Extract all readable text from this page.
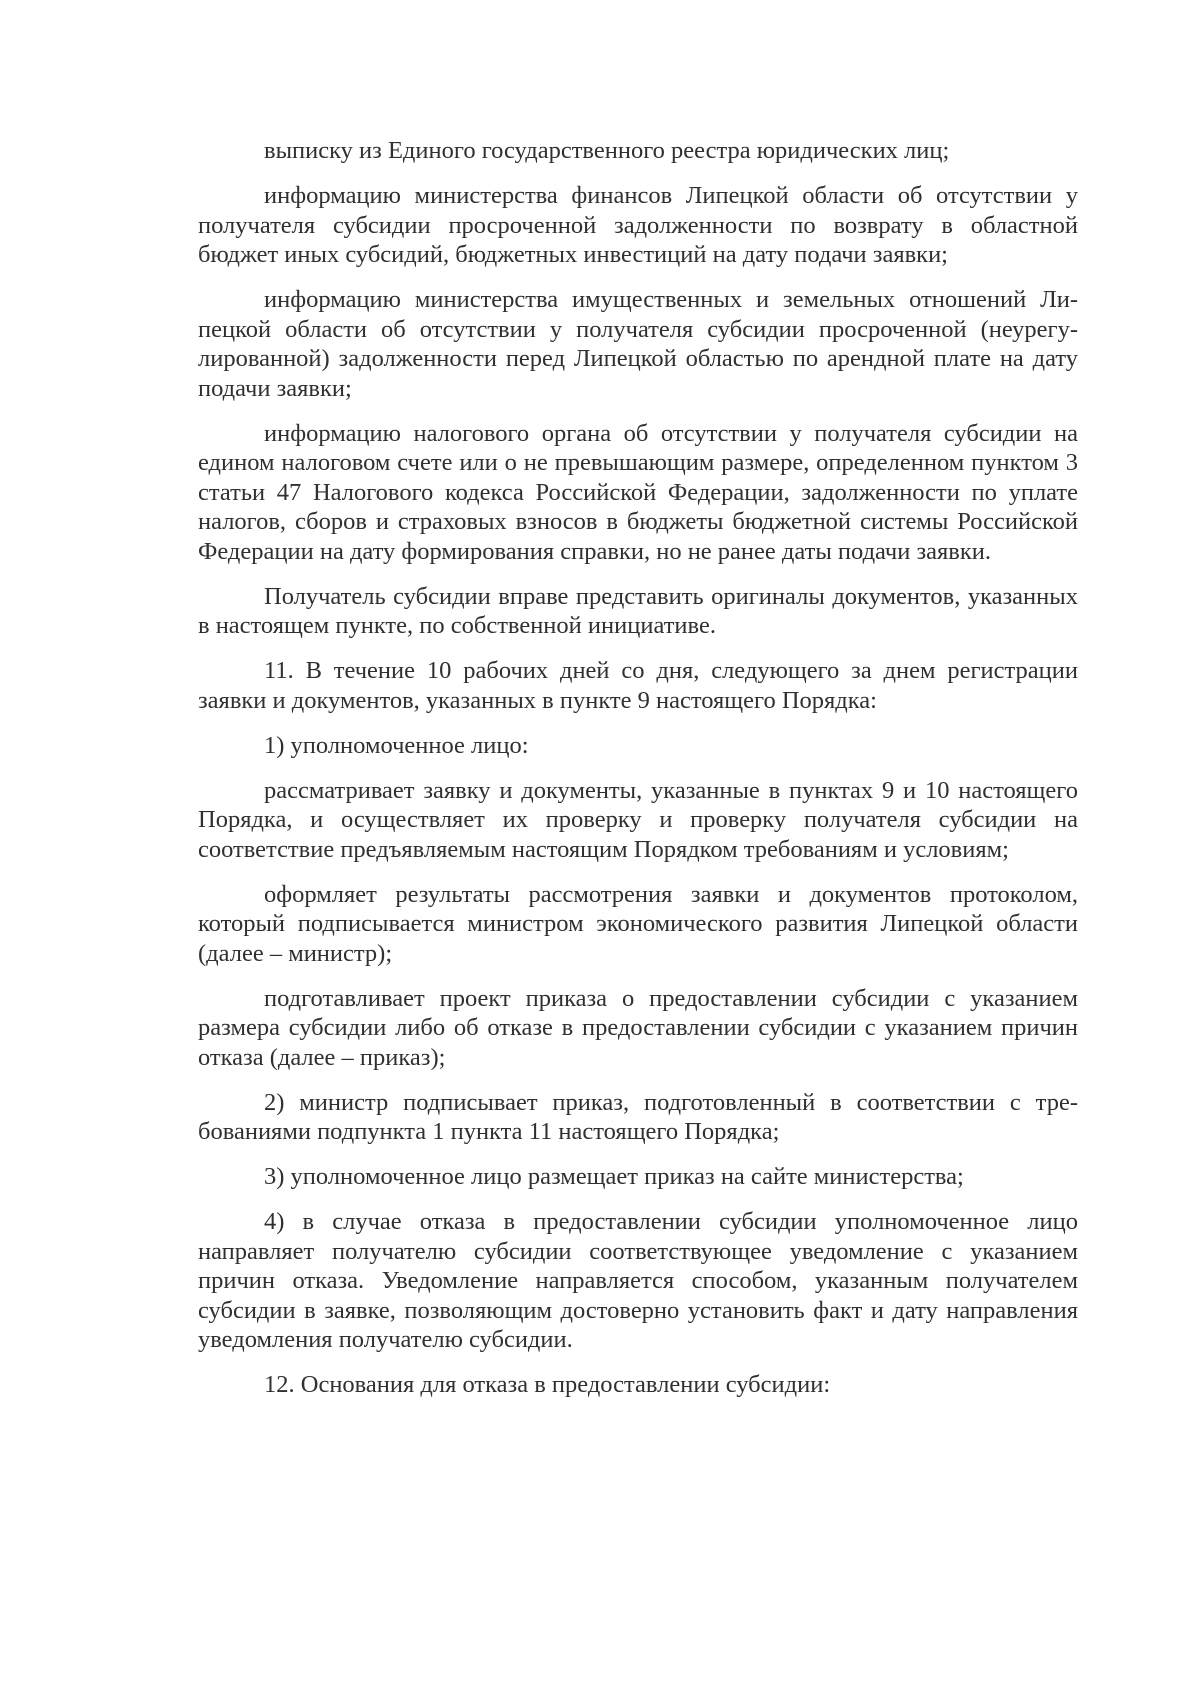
выписку из Единого государственного реестра юридических лиц;

информацию министерства финансов Липецкой области об отсутствии у получателя субсидии просроченной задолженности по возврату в областной бюджет иных субсидий, бюджетных инвестиций на дату подачи заявки;

информацию министерства имущественных и земельных отношений Липецкой области об отсутствии у получателя субсидии просроченной (неурегулированной) задолженности перед Липецкой областью по арендной плате на дату подачи заявки;

информацию налогового органа об отсутствии у получателя субсидии на едином налоговом счете или о не превышающим размере, определенном пунктом 3 статьи 47 Налогового кодекса Российской Федерации, задолженности по уплате налогов, сборов и страховых взносов в бюджеты бюджетной системы Российской Федерации на дату формирования справки, но не ранее даты подачи заявки.

Получатель субсидии вправе представить оригиналы документов, указанных в настоящем пункте, по собственной инициативе.

11. В течение 10 рабочих дней со дня, следующего за днем регистрации заявки и документов, указанных в пункте 9 настоящего Порядка:

1) уполномоченное лицо:

рассматривает заявку и документы, указанные в пунктах 9 и 10 настоящего Порядка, и осуществляет их проверку и проверку получателя субсидии на соответствие предъявляемым настоящим Порядком требованиям и условиям;

оформляет результаты рассмотрения заявки и документов протоколом, который подписывается министром экономического развития Липецкой области (далее – министр);

подготавливает проект приказа о предоставлении субсидии с указанием размера субсидии либо об отказе в предоставлении субсидии с указанием причин отказа (далее – приказ);

2) министр подписывает приказ, подготовленный в соответствии с требованиями подпункта 1 пункта 11 настоящего Порядка;

3) уполномоченное лицо размещает приказ на сайте министерства;

4) в случае отказа в предоставлении субсидии уполномоченное лицо направляет получателю субсидии соответствующее уведомление с указанием причин отказа. Уведомление направляется способом, указанным получателем субсидии в заявке, позволяющим достоверно установить факт и дату направления уведомления получателю субсидии.

12. Основания для отказа в предоставлении субсидии:
